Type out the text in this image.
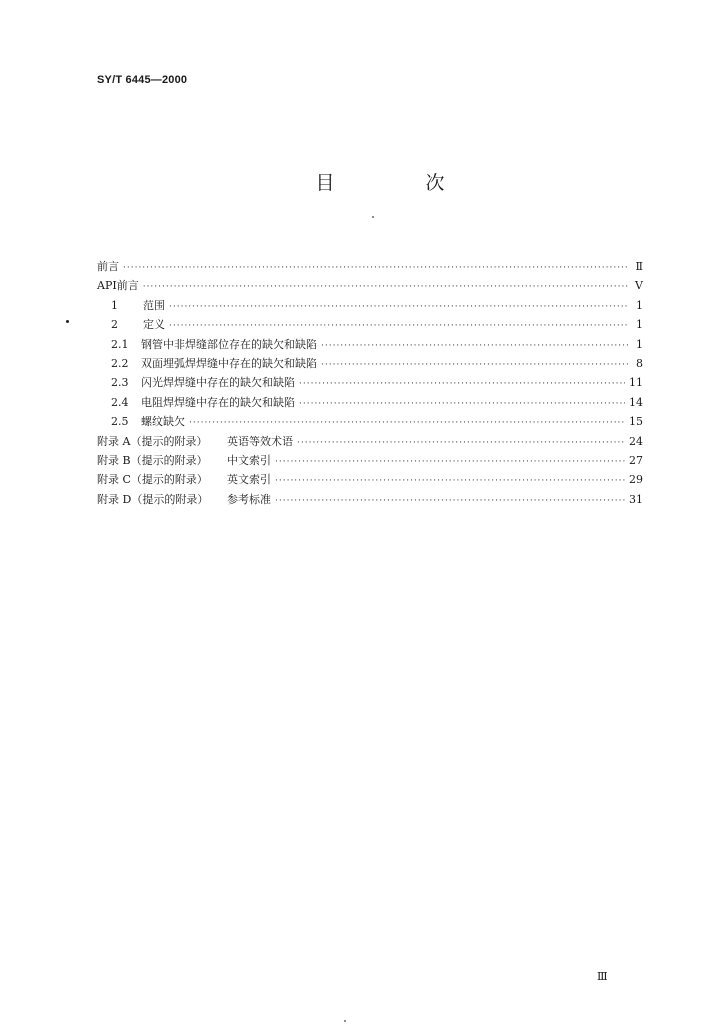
SY/T 6445—2000
目　次
前言 ·····	Ⅱ
API前言 ·····	Ⅴ
1	范围 ·····	1
2	定义 ·····	1
2.1	钢管中非焊缝部位存在的缺欠和缺陷 ·····	1
2.2	双面埋弧焊焊缝中存在的缺欠和缺陷 ·····	8
2.3	闪光焊焊缝中存在的缺欠和缺陷 ·····	11
2.4	电阻焊焊缝中存在的缺欠和缺陷 ·····	14
2.5	螺纹缺欠 ·····	15
附录 A（提示的附录）	英语等效术语 ·····	24
附录 B（提示的附录）	中文索引 ·····	27
附录 C（提示的附录）	英文索引 ·····	29
附录 D（提示的附录）	参考标准 ·····	31
Ⅲ
